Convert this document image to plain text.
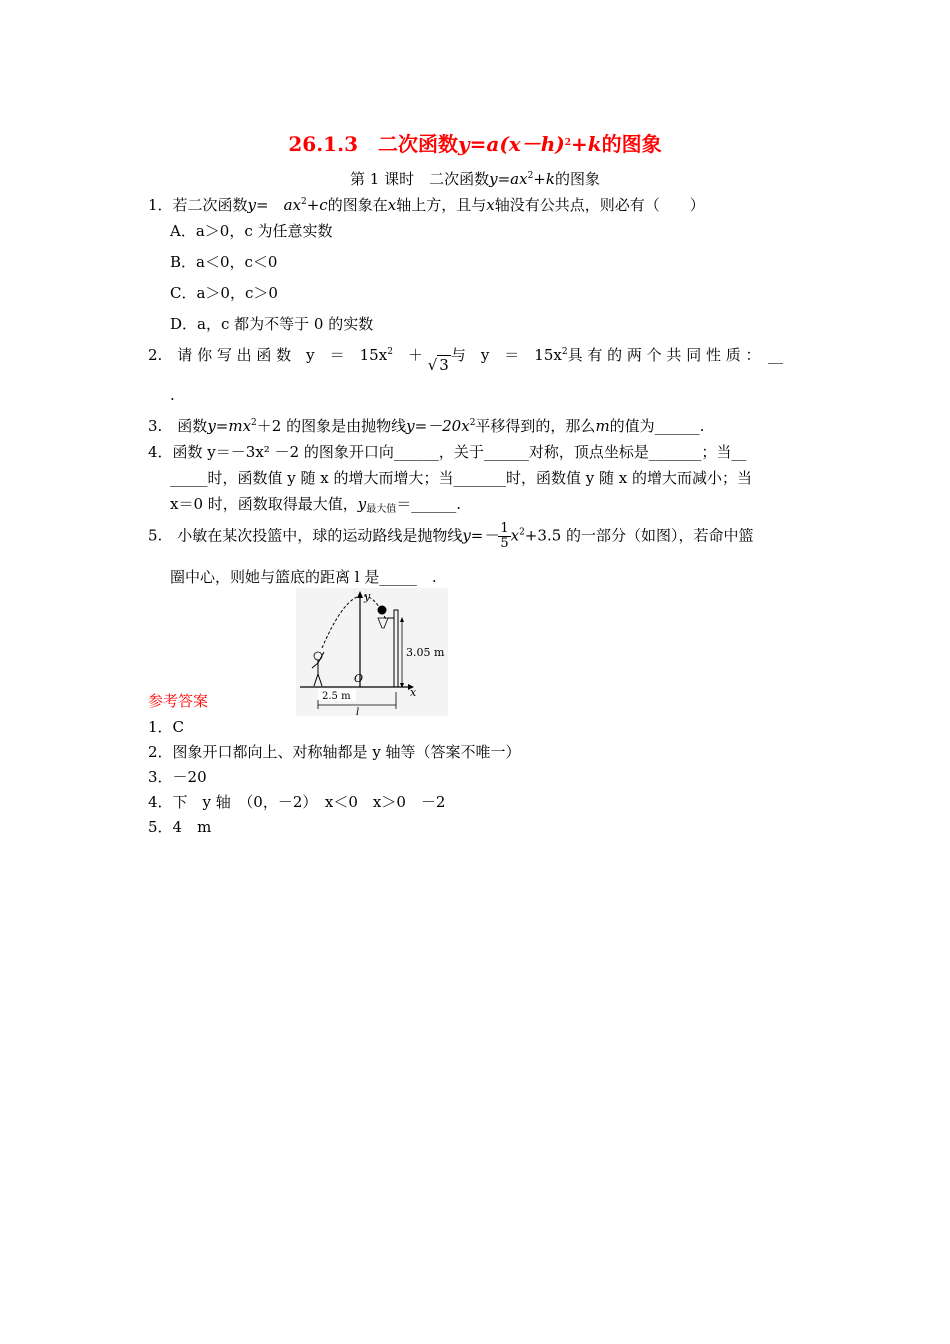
26.1.3　二次函数$y=a(x-h)^2+k$的图象
第 1 课时　二次函数$y=ax^2+k$的图象
1．若二次函数y=　$ax^2+c$的图象在x轴上方，且与x轴没有公共点，则必有（　　）
A．a＞0，c 为任意实数
B．a＜0，c＜0
C．a＞0，c＞0
D．a，c 都为不等于 0 的实数
2.　请 你 写 出 函 数　y　＝　$15x^2$　＋ √ 3与　y　＝　$15x^2$具 有 的 两 个 共 同 性 质 ：　__
.
3.　函数$y=mx^2+2$ 的图象是由抛物线$y=-20x^2$平移得到的，那么m的值为______.
4．函数 y＝－3x² －2 的图象开口向______，关于______对称，顶点坐标是_______；当__
_____时，函数值 y 随 x 的增大而增大；当_______时，函数值 y 随 x 的增大而减小；当
x＝0 时，函数取得最大值，$y_{最大值}=\_\_\_\_\_\_$.
5.　小敏在某次投篮中，球的运动路线是抛物线$y=- \frac{1}{5} x^2+3.5$ 的一部分（如图），若命中篮
圈中心，则她与篮底的距离 l 是_____　.
3.05 m
O
x
y
2.5 m
l
参考答案
1．C
2．图象开口都向上、对称轴都是 y 轴等（答案不唯一）
3．－20
4．下　y 轴　（0，－2）　x＜0　x＞0　－2
5．4　m
